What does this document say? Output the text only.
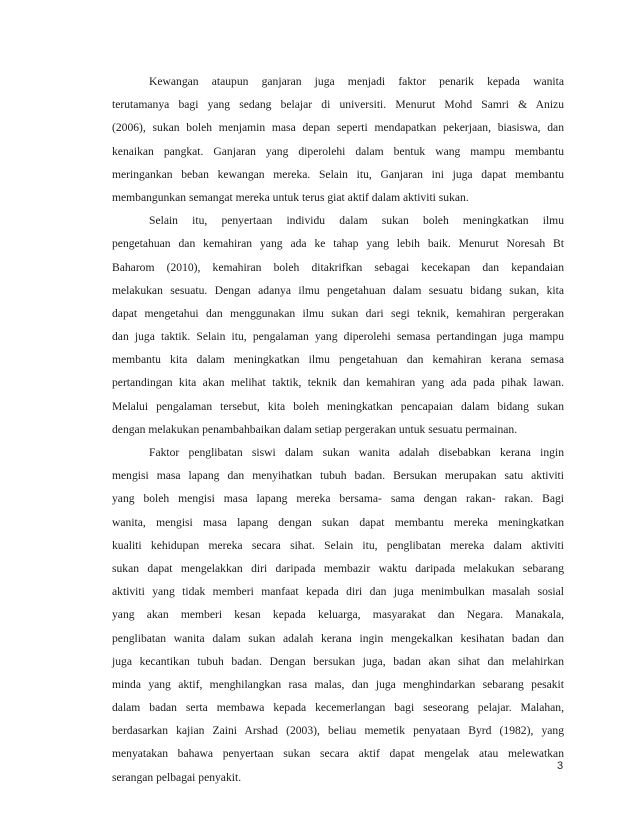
Kewangan ataupun ganjaran juga menjadi faktor penarik kepada wanita
terutamanya bagi yang sedang belajar di universiti. Menurut Mohd Samri & Anizu
(2006), sukan boleh menjamin masa depan seperti mendapatkan pekerjaan, biasiswa, dan
kenaikan pangkat. Ganjaran yang diperolehi dalam bentuk wang mampu membantu
meringankan beban kewangan mereka. Selain itu, Ganjaran ini juga dapat membantu
membangunkan semangat mereka untuk terus giat aktif dalam aktiviti sukan.
Selain itu, penyertaan individu dalam sukan boleh meningkatkan ilmu
pengetahuan dan kemahiran yang ada ke tahap yang lebih baik. Menurut Noresah Bt
Baharom (2010), kemahiran boleh ditakrifkan sebagai kecekapan dan kepandaian
melakukan sesuatu. Dengan adanya ilmu pengetahuan dalam sesuatu bidang sukan, kita
dapat mengetahui dan menggunakan ilmu sukan dari segi teknik, kemahiran pergerakan
dan juga taktik. Selain itu, pengalaman yang diperolehi semasa pertandingan juga mampu
membantu kita dalam meningkatkan ilmu pengetahuan dan kemahiran kerana semasa
pertandingan kita akan melihat taktik, teknik dan kemahiran yang ada pada pihak lawan.
Melalui pengalaman tersebut, kita boleh meningkatkan pencapaian dalam bidang sukan
dengan melakukan penambahbaikan dalam setiap pergerakan untuk sesuatu permainan.
Faktor penglibatan siswi dalam sukan wanita adalah disebabkan kerana ingin
mengisi masa lapang dan menyihatkan tubuh badan. Bersukan merupakan satu aktiviti
yang boleh mengisi masa lapang mereka bersama- sama dengan rakan- rakan. Bagi
wanita, mengisi masa lapang dengan sukan dapat membantu mereka meningkatkan
kualiti kehidupan mereka secara sihat. Selain itu, penglibatan mereka dalam aktiviti
sukan dapat mengelakkan diri daripada membazir waktu daripada melakukan sebarang
aktiviti yang tidak memberi manfaat kepada diri dan juga menimbulkan masalah sosial
yang akan memberi kesan kepada keluarga, masyarakat dan Negara. Manakala,
penglibatan wanita dalam sukan adalah kerana ingin mengekalkan kesihatan badan dan
juga kecantikan tubuh badan. Dengan bersukan juga, badan akan sihat dan melahirkan
minda yang aktif, menghilangkan rasa malas, dan juga menghindarkan sebarang pesakit
dalam badan serta membawa kepada kecemerlangan bagi seseorang pelajar. Malahan,
berdasarkan kajian Zaini Arshad (2003), beliau memetik penyataan Byrd (1982), yang
menyatakan bahawa penyertaan sukan secara aktif dapat mengelak atau melewatkan
serangan pelbagai penyakit.
3
